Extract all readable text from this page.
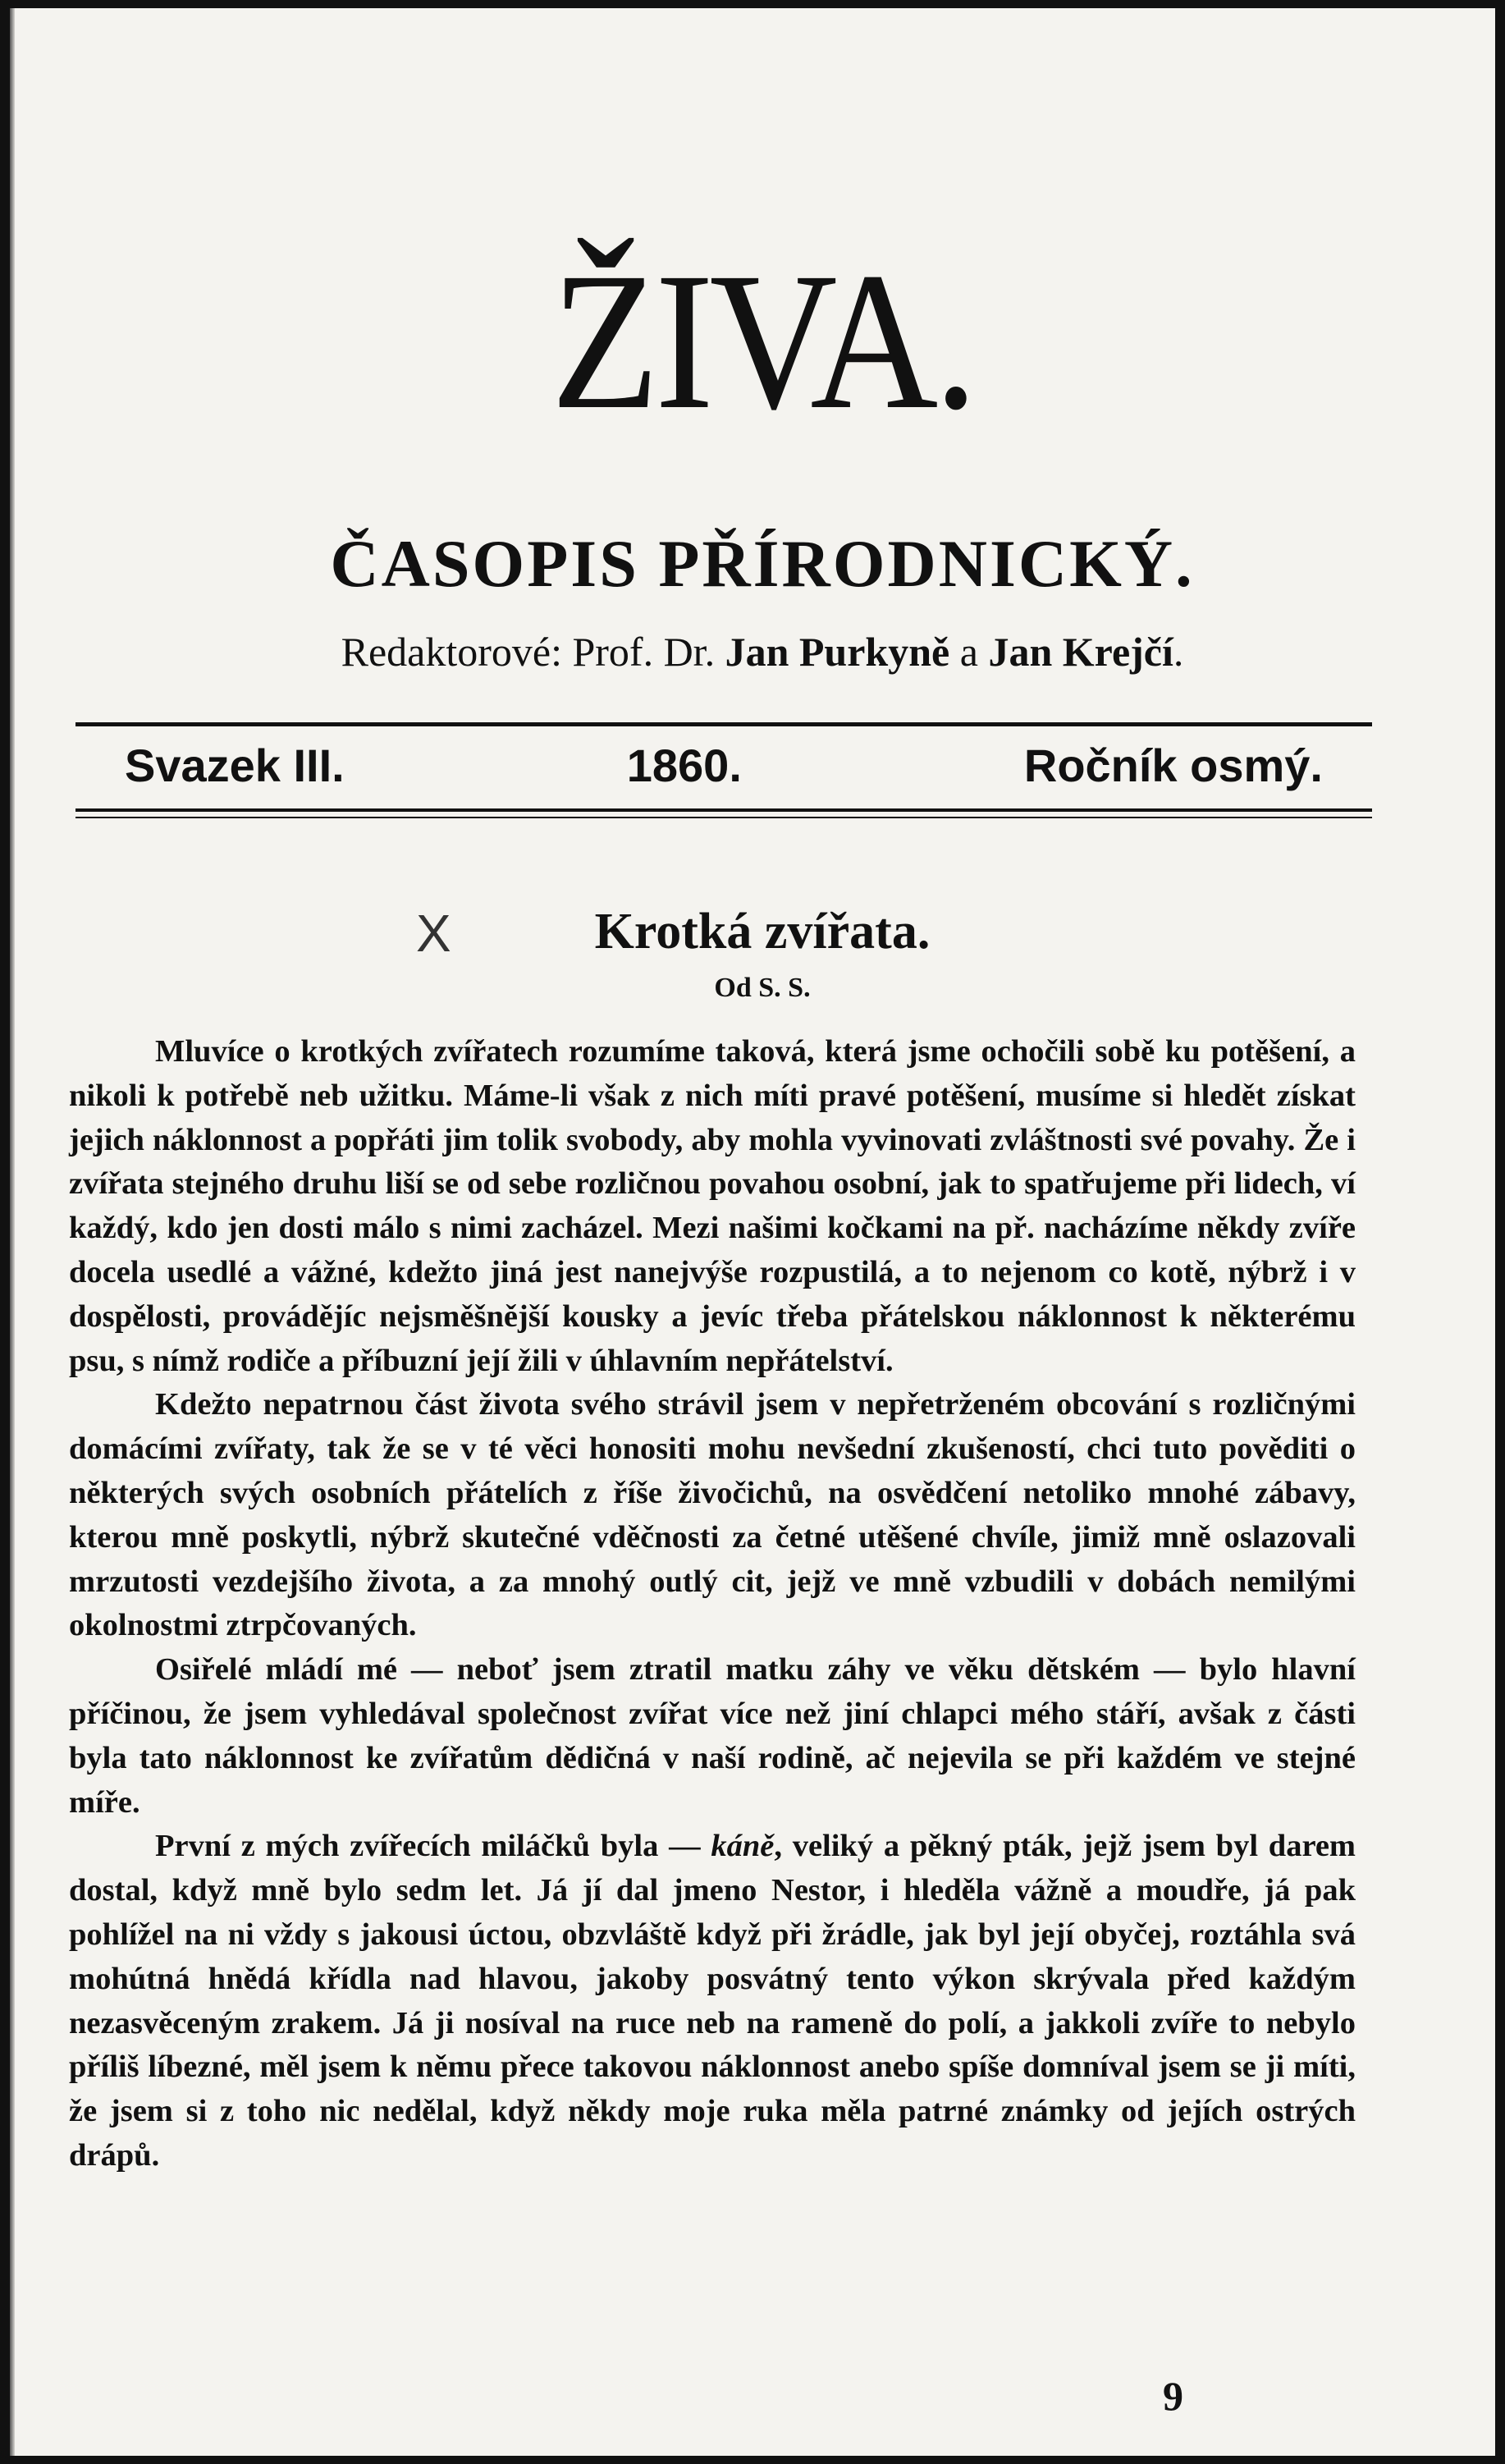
ŽIVA.
ČASOPIS PŘÍRODNICKÝ.
Redaktorové: Prof. Dr. Jan Purkyně a Jan Krejčí.
Svazek III.	1860.	Ročník osmý.
X	Krotká zvířata.
Od S. S.

Mluvíce o krotkých zvířatech rozumíme taková, která jsme ochočili sobě ku potěšení, a nikoli k potřebě neb užitku. Máme-li však z nich míti pravé potěšení, musíme si hledět získat jejich náklonnost a popřáti jim tolik svobody, aby mohla vyvinovati zvláštnosti své povahy. Že i zvířata stejného druhu liší se od sebe rozličnou povahou osobní, jak to spatřujeme při lidech, ví každý, kdo jen dosti málo s nimi zacházel. Mezi našimi kočkami na př. nacházíme někdy zvíře docela usedlé a vážné, kdežto jiná jest nanejvýše rozpustilá, a to nejenom co kotě, nýbrž i v dospělosti, provádějíc nejsměšnější kousky a jevíc třeba přátelskou náklonnost k některému psu, s nímž rodiče a příbuzní její žili v úhlavním nepřátelství.

Kdežto nepatrnou část života svého strávil jsem v nepřetrženém obcování s rozličnými domácími zvířaty, tak že se v té věci honositi mohu nevšední zkušeností, chci tuto pověditi o některých svých osobních přátelích z říše živočichů, na osvědčení netoliko mnohé zábavy, kterou mně poskytli, nýbrž skutečné vděčnosti za četné utěšené chvíle, jimiž mně oslazovali mrzutosti vezdejšího života, a za mnohý outlý cit, jejž ve mně vzbudili v dobách nemilými okolnostmi ztrpčovaných.

Osiřelé mládí mé — neboť jsem ztratil matku záhy ve věku dětském — bylo hlavní příčinou, že jsem vyhledával společnost zvířat více než jiní chlapci mého stáří, avšak z části byla tato náklonnost ke zvířatům dědičná v naší rodině, ač nejevila se při každém ve stejné míře.

První z mých zvířecích miláčků byla — káně, veliký a pěkný pták, jejž jsem byl darem dostal, když mně bylo sedm let. Já jí dal jmeno Nestor, i hleděla vážně a moudře, já pak pohlížel na ni vždy s jakousi úctou, obzvláště když při žrádle, jak byl její obyčej, roztáhla svá mohútná hnědá křídla nad hlavou, jakoby posvátný tento výkon skrývala před každým nezasvěceným zrakem. Já ji nosíval na ruce neb na rameně do polí, a jakkoli zvíře to nebylo příliš líbezné, měl jsem k němu přece takovou náklonnost anebo spíše domníval jsem se ji míti, že jsem si z toho nic nedělal, když někdy moje ruka měla patrné známky od jejích ostrých drápů.

9
